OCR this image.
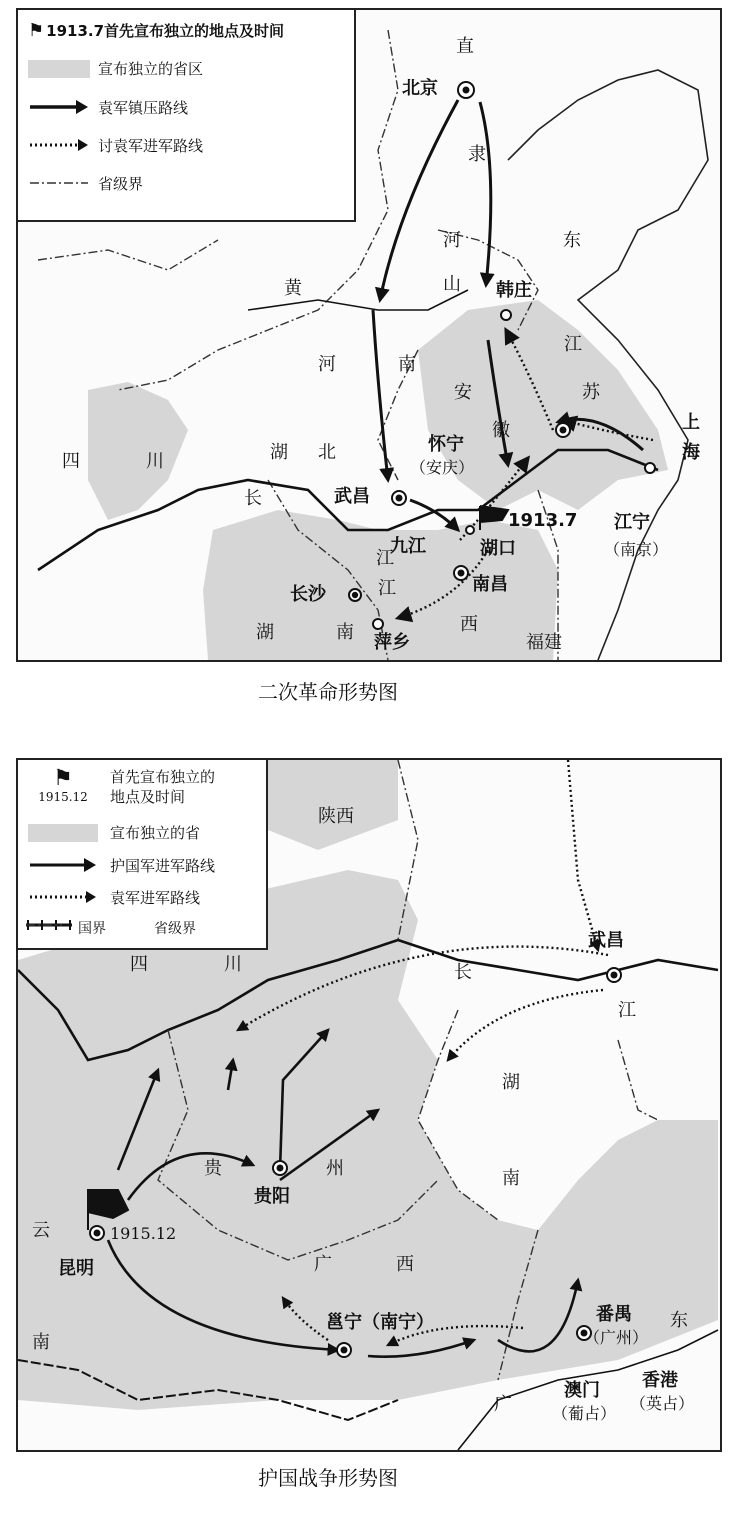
⚑ 1913.7首先宣布独立的地点及时间
宣布独立的省区
袁军镇压路线
讨袁军进军路线
省级界
直
隶
河
山
东
黄
河	南
江
苏
安
徽
四	川	湖 北
长
江
江
西
湖	南	福建
上
海
北京
韩庄
怀宁
（安庆）
武昌
九江	湖口
南昌
长沙
萍乡
江宁
（南京）
1913.7
二次革命形势图
⚑
1915.12
首先宣布独立的
地点及时间
宣布独立的省
护国军进军路线
袁军进军路线
国界	省级界
陕西
四	川	长
江
湖
南
贵	州
广	西
广
东
云
南
武昌
贵阳
昆明
1915.12
邕宁（南宁）	番禺
（广州）
澳门
（葡占）
香港
（英占）
护国战争形势图
